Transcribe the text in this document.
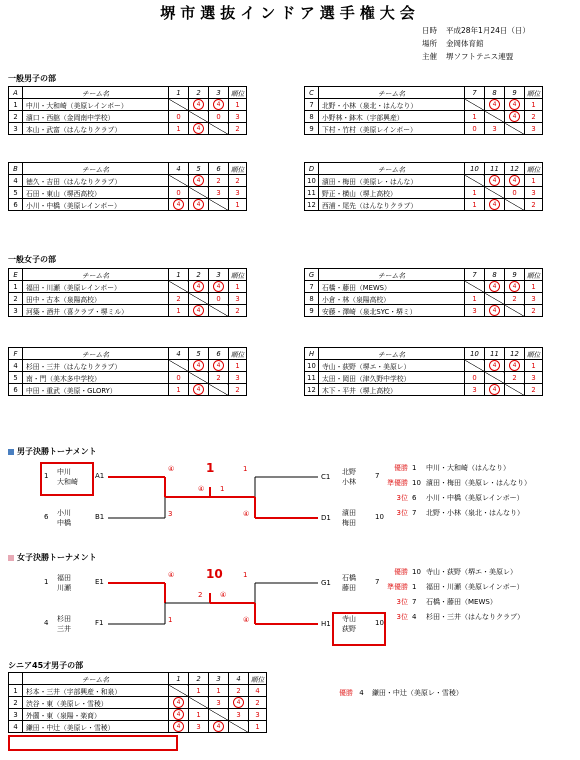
堺市選抜インドア選手権大会
日時	平成28年1月24日（日）
場所	金岡体育館
主催	堺ソフトテニス連盟
一般男子の部
A	チーム名	1	2	3	順位
1	中川・大和崎（美原レインボー）		4	4	1
2	濱口・西舘（金岡南中学校）	0		0	3
3	本山・武富（はんなりクラブ）	1	4		2
C	チーム名	7	8	9	順位
7	北野・小林（泉北・はんなり）		4	4	1
8	小野林・鉢木（宇部興産）	1		4	2
9	下村・竹村（美原レインボー）	0	3		3
B	チーム名	4	5	6	順位
4	徳久・吉田（はんなりクラブ）		4	2	2
5	石田・東山（堺西高校）	0		3	3
6	小川・中橋（美原レインボー）	4	4		1
D	チーム名	10	11	12	順位
10	濱田・梅田（美原レ・はんな）		4	4	1
11	野正・横山（堺上高校）	1		0	3
12	西浦・尾先（はんなりクラブ）	1	4		2
一般女子の部
E	チーム名	1	2	3	順位
1	福田・川瀬（美原レインボー）		4	4	1
2	田中・古本（泉陽高校）	2		0	3
3	河築・酒井（喜クラブ・堺ミル）	1	4		2
G	チーム名	7	8	9	順位
7	石橋・藤田（MEWS）		4	4	1
8	小倉・林（泉陽高校）	1		2	3
9	安藤・澤崎（泉北SYC・堺ミ）	3	4		2
F	チーム名	4	5	6	順位
4	杉田・三井（はんなりクラブ）		4	4	1
5	南・門（美木多中学校）	0		2	3
6	中田・重武（美原・GLORY）	1	4		2
H	チーム名	10	11	12	順位
10	寺山・荻野（堺エ・美原レ）		4	4	1
11	太田・岡田（津久野中学校）	0		2	3
12	木下・平井（堺上高校）	3	4		2
男子決勝トーナメント
1 中川
大和崎
A1
6 小川
中橋
B1
C1
北野
小林
7
D1
濱田
梅田
10
④
3
1
④
④ 1
1
女子決勝トーナメント
1 福田
川瀬
E1
4 杉田
三井
F1
G1
石橋
藤田
7
H1
寺山
荻野
10
④
1
1
④
2	④
10
シニア45才男子の部
	チーム名	1	2	3	4	順位
1	杉本・三井（宇部興産・和泉）		1	1	2	4
2	渋谷・東（美原レ・雪稜）	4		3	4	2
3	外薗・東（泉陽・楽商）	4	1		3	3
4	鎌田・中辻（美原レ・雪稜）	4	3	4		1
優勝 4 鎌田・中辻（美原レ・雪稜）
優勝 1 中川・大和崎（はんなり）
準優勝 10 濱田・梅田（美原レ・はんなり）
3位 6 小川・中橋（美原レインボー）
3位 7 北野・小林（泉北・はんなり）
優勝 10 寺山・荻野（堺エ・美原レ）
準優勝 1 福田・川瀬（美原レインボー）
3位 7 石橋・藤田（MEWS）
3位 4 杉田・三井（はんなりクラブ）
